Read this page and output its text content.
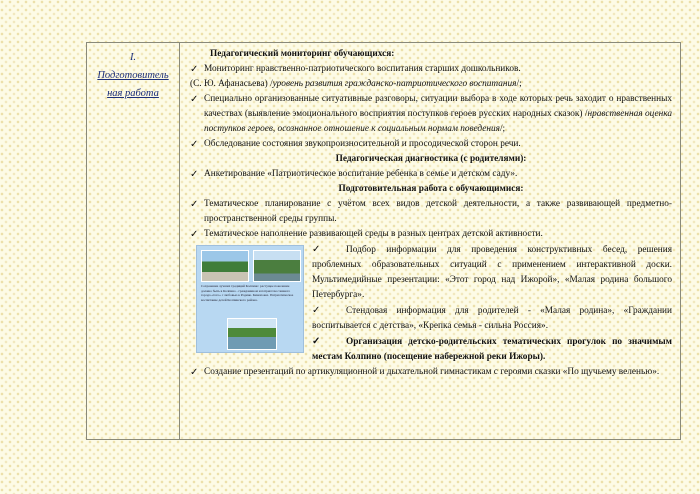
I.
Подготовитель
ная работа

Педагогический мониторинг обучающихся:

✓ Мониторинг нравственно-патриотического воспитания старших дошкольников.

(С. Ю. Афанасьева) /уровень развития гражданско-патриотического воспитания/;

✓ Специально организованные ситуативные разговоры, ситуации выбора в ходе которых речь заходит о нравственных качествах (выявление эмоционального восприятия поступков героев русских народных сказок) /нравственная оценка поступков героев, осознанное отношение к социальным нормам поведения/;

✓ Обследование состояния звукопроизносительной и просодической сторон речи.

Педагогическая диагностика (с родителями):

✓ Анкетирование «Патриотическое воспитание ребенка в семье и детском саду».

Подготовительная работа с обучающимися:

✓ Тематическое планирование с учётом всех видов детской деятельности, а также развивающей предметно-пространственной среды группы.

✓ Тематическое наполнение развивающей среды в разных центрах детской активности.

Сохранение лучших традиций Колпино: растущее поколение должно быть в Колпино - гражданином и патриотом славного города «того» с любовью к Родине. Кинопоказ. Патриотическое воспитание детей Колпинского района.

✓	Подбор информации для проведения конструктивных бесед, решения проблемных образовательных ситуаций с применением интерактивной доски. Мультимедийные презентации: «Этот город над Ижорой», «Малая родина большого Петербурга».

✓	Стендовая информация для родителей - «Малая родина», «Граждании воспитывается с детства», «Крепка семья - сильна Россия».

✓	Организация детско-родительских тематических прогулок по значимым местам Колпино (посещение набережной реки Ижоры).

✓ Создание презентаций по артикуляционной и дыхательной гимнастикам с героями сказки «По щучьему веленью».
